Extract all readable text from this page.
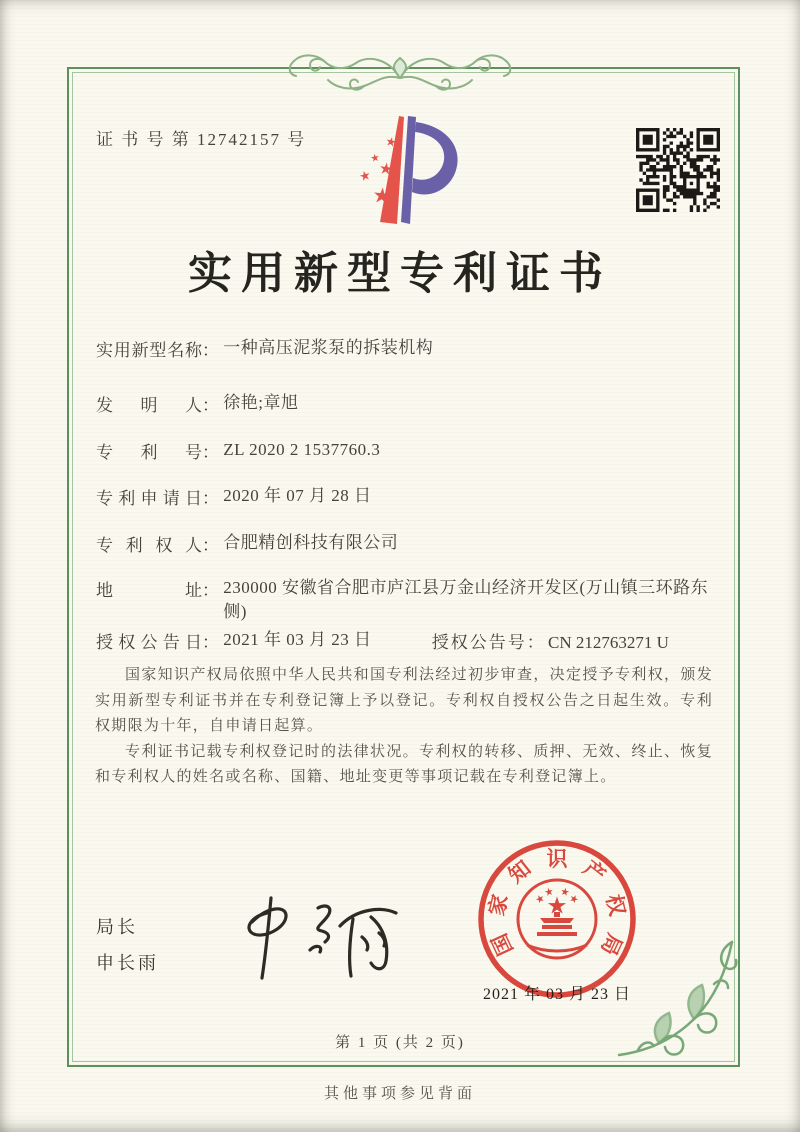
证 书 号 第 12742157 号
实用新型专利证书
实用新型名称： 一种高压泥浆泵的拆装机构
发明人： 徐艳;章旭
专利号： ZL 2020 2 1537760.3
专利申请日： 2020 年 07 月 28 日
专利权人： 合肥精创科技有限公司
地址： 230000 安徽省合肥市庐江县万金山经济开发区(万山镇三环路东侧)
授权公告日： 2021 年 03 月 23 日	授权公告号： CN 212763271 U

国家知识产权局依照中华人民共和国专利法经过初步审查，决定授予专利权，颁发实用新型专利证书并在专利登记簿上予以登记。专利权自授权公告之日起生效。专利权期限为十年，自申请日起算。

专利证书记载专利权登记时的法律状况。专利权的转移、质押、无效、终止、恢复和专利权人的姓名或名称、国籍、地址变更等事项记载在专利登记簿上。

局长
申长雨
国
家
知 识 产
权
局
2021 年 03 月 23 日
第 1 页 (共 2 页)
其他事项参见背面
